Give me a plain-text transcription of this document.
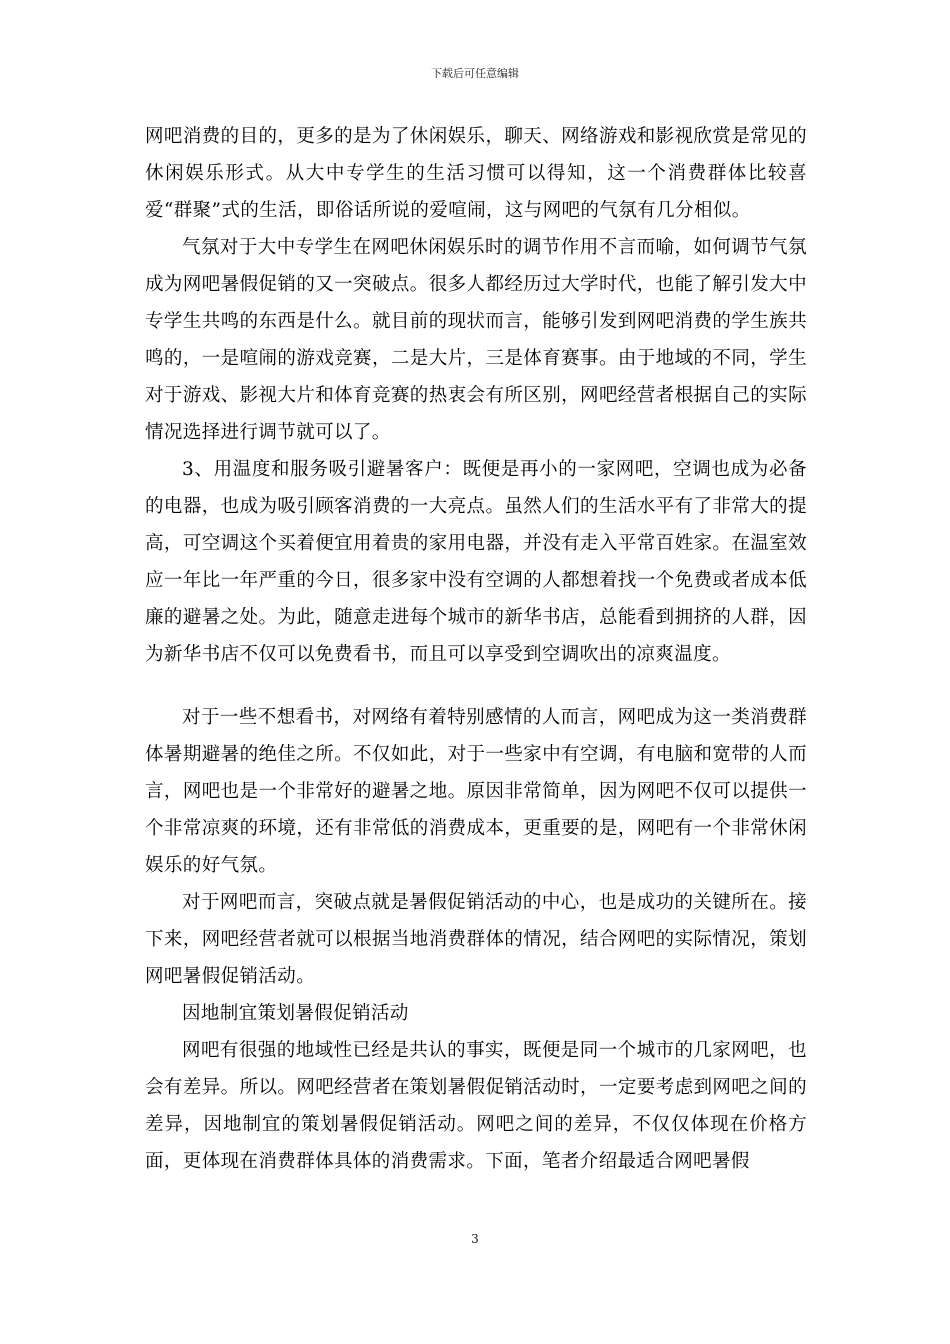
下载后可任意编辑

网吧消费的目的，更多的是为了休闲娱乐，聊天、网络游戏和影视欣赏是常见的休闲娱乐形式。从大中专学生的生活习惯可以得知，这一个消费群体比较喜爱“群聚”式的生活，即俗话所说的爱喧闹，这与网吧的气氛有几分相似。

气氛对于大中专学生在网吧休闲娱乐时的调节作用不言而喻，如何调节气氛成为网吧暑假促销的又一突破点。很多人都经历过大学时代，也能了解引发大中专学生共鸣的东西是什么。就目前的现状而言，能够引发到网吧消费的学生族共鸣的，一是喧闹的游戏竞赛，二是大片，三是体育赛事。由于地域的不同，学生对于游戏、影视大片和体育竞赛的热衷会有所区别，网吧经营者根据自己的实际情况选择进行调节就可以了。

3、用温度和服务吸引避暑客户：既便是再小的一家网吧，空调也成为必备的电器，也成为吸引顾客消费的一大亮点。虽然人们的生活水平有了非常大的提高，可空调这个买着便宜用着贵的家用电器，并没有走入平常百姓家。在温室效应一年比一年严重的今日，很多家中没有空调的人都想着找一个免费或者成本低廉的避暑之处。为此，随意走进每个城市的新华书店，总能看到拥挤的人群，因为新华书店不仅可以免费看书，而且可以享受到空调吹出的凉爽温度。

对于一些不想看书，对网络有着特别感情的人而言，网吧成为这一类消费群体暑期避暑的绝佳之所。不仅如此，对于一些家中有空调，有电脑和宽带的人而言，网吧也是一个非常好的避暑之地。原因非常简单，因为网吧不仅可以提供一个非常凉爽的环境，还有非常低的消费成本，更重要的是，网吧有一个非常休闲娱乐的好气氛。

对于网吧而言，突破点就是暑假促销活动的中心，也是成功的关键所在。接下来，网吧经营者就可以根据当地消费群体的情况，结合网吧的实际情况，策划网吧暑假促销活动。

因地制宜策划暑假促销活动

网吧有很强的地域性已经是共认的事实，既便是同一个城市的几家网吧，也会有差异。所以。网吧经营者在策划暑假促销活动时，一定要考虑到网吧之间的差异，因地制宜的策划暑假促销活动。网吧之间的差异，不仅仅体现在价格方面，更体现在消费群体具体的消费需求。下面，笔者介绍最适合网吧暑假

3
